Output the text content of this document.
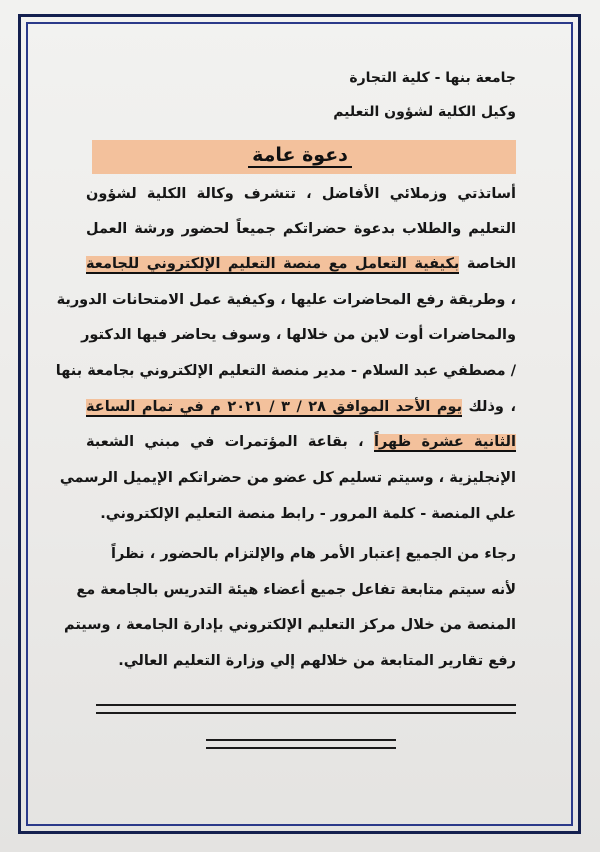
جامعة بنها - كلية التجارة
وكيل الكلية لشؤون التعليم
دعوة عامة
أساتذتي وزملائي الأفاضل ، تتشرف وكالة الكلية لشؤون
التعليم والطلاب بدعوة حضراتكم جميعاً لحضور ورشة العمل
الخاصة بكيفية التعامل مع منصة التعليم الإلكتروني للجامعة
، وطريقة رفع المحاضرات عليها ، وكيفية عمل الامتحانات الدورية
والمحاضرات أوت لاين من خلالها ، وسوف يحاضر فيها الدكتور
/ مصطفي عبد السلام - مدير منصة التعليم الإلكتروني بجامعة بنها
، وذلك يوم الأحد الموافق ٢٨ / ٣ / ٢٠٢١ م في تمام الساعة
الثانية عشرة ظهراً ، بقاعة المؤتمرات في مبني الشعبة
الإنجليزية ، وسيتم تسليم كل عضو من حضراتكم الإيميل الرسمي
علي المنصة - كلمة المرور - رابط منصة التعليم الإلكتروني.
رجاء من الجميع إعتبار الأمر هام والإلتزام بالحضور ، نظراً
لأنه سيتم متابعة تفاعل جميع أعضاء هيئة التدريس بالجامعة مع
المنصة من خلال مركز التعليم الإلكتروني بإدارة الجامعة ، وسيتم
رفع تقارير المتابعة من خلالهم إلي وزارة التعليم العالي.
